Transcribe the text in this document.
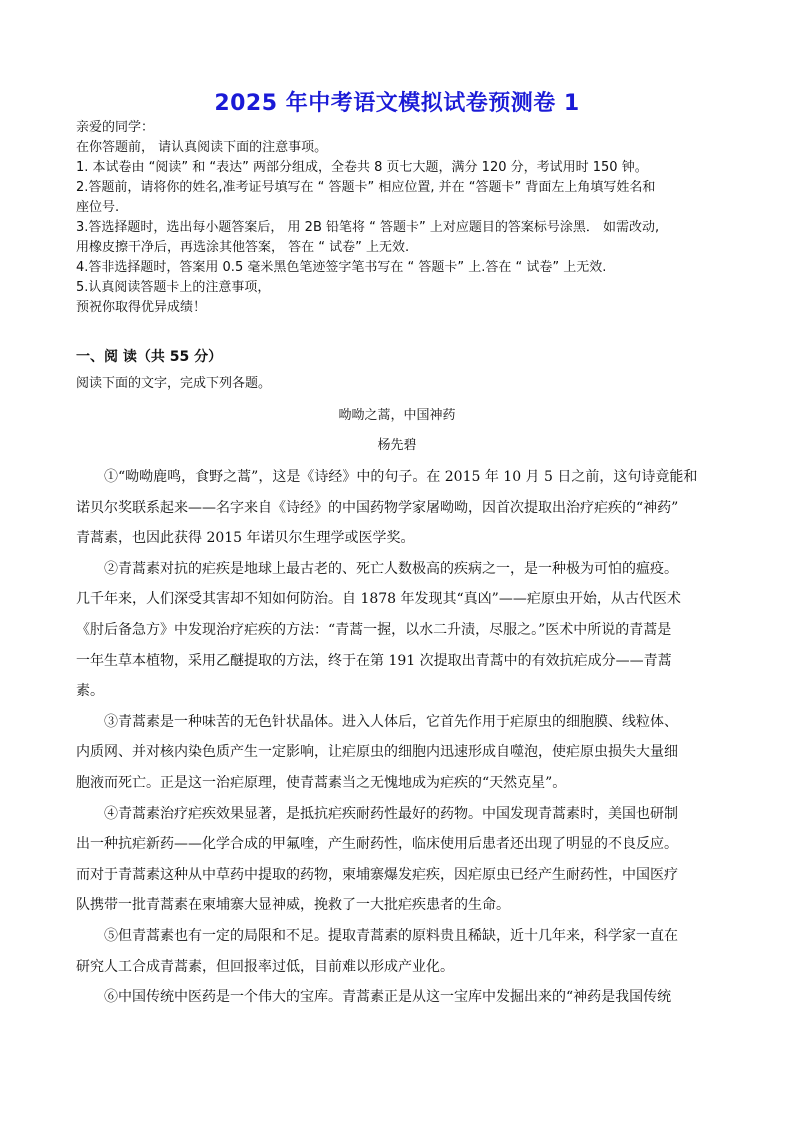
2025 年中考语文模拟试卷预测卷 1

亲爱的同学：

在你答题前， 请认真阅读下面的注意事项。

1. 本试卷由 “阅读” 和 “表达” 两部分组成，全卷共 8 页七大题，满分 120 分，考试用时 150 钟。

2.答题前，请将你的姓名,准考证号填写在 “ 答题卡” 相应位置, 并在 “答题卡” 背面左上角填写姓名和

座位号.

3.答选择题时，选出每小题答案后， 用 2B 铅笔将 “ 答题卡” 上对应题目的答案标号涂黑． 如需改动,

用橡皮擦干净后，再选涂其他答案， 答在 “ 试卷” 上无效.

4.答非选择题时，答案用 0.5 毫米黑色笔迹签字笔书写在 “ 答题卡” 上.答在 “ 试卷” 上无效.

5.认真阅读答题卡上的注意事项，

预祝你取得优异成绩！

一、阅 读（共 55 分）
阅读下面的文字，完成下列各题。
呦呦之蒿，中国神药
杨先碧
①“呦呦鹿鸣，食野之蒿”，这是《诗经》中的句子。在 2015 年 10 月 5 日之前，这句诗竟能和
诺贝尔奖联系起来——名字来自《诗经》的中国药物学家屠呦呦，因首次提取出治疗疟疾的“神药”
青蒿素，也因此获得 2015 年诺贝尔生理学或医学奖。
②青蒿素对抗的疟疾是地球上最古老的、死亡人数极高的疾病之一，是一种极为可怕的瘟疫。
几千年来，人们深受其害却不知如何防治。自 1878 年发现其“真凶”——疟原虫开始，从古代医术
《肘后备急方》中发现治疗疟疾的方法：“青蒿一握，以水二升渍，尽服之。”医术中所说的青蒿是
一年生草本植物，采用乙醚提取的方法，终于在第 191 次提取出青蒿中的有效抗疟成分——青蒿
素。
③青蒿素是一种味苦的无色针状晶体。进入人体后，它首先作用于疟原虫的细胞膜、线粒体、
内质网、并对核内染色质产生一定影响，让疟原虫的细胞内迅速形成自噬泡，使疟原虫损失大量细
胞液而死亡。正是这一治疟原理，使青蒿素当之无愧地成为疟疾的“天然克星”。
④青蒿素治疗疟疾效果显著，是抵抗疟疾耐药性最好的药物。中国发现青蒿素时，美国也研制
出一种抗疟新药——化学合成的甲氟喹，产生耐药性，临床使用后患者还出现了明显的不良反应。
而对于青蒿素这种从中草药中提取的药物，柬埔寨爆发疟疾，因疟原虫已经产生耐药性，中国医疗
队携带一批青蒿素在柬埔寨大显神威，挽救了一大批疟疾患者的生命。
⑤但青蒿素也有一定的局限和不足。提取青蒿素的原料贵且稀缺，近十几年来，科学家一直在
研究人工合成青蒿素，但回报率过低，目前难以形成产业化。
⑥中国传统中医药是一个伟大的宝库。青蒿素正是从这一宝库中发掘出来的“神药是我国传统
